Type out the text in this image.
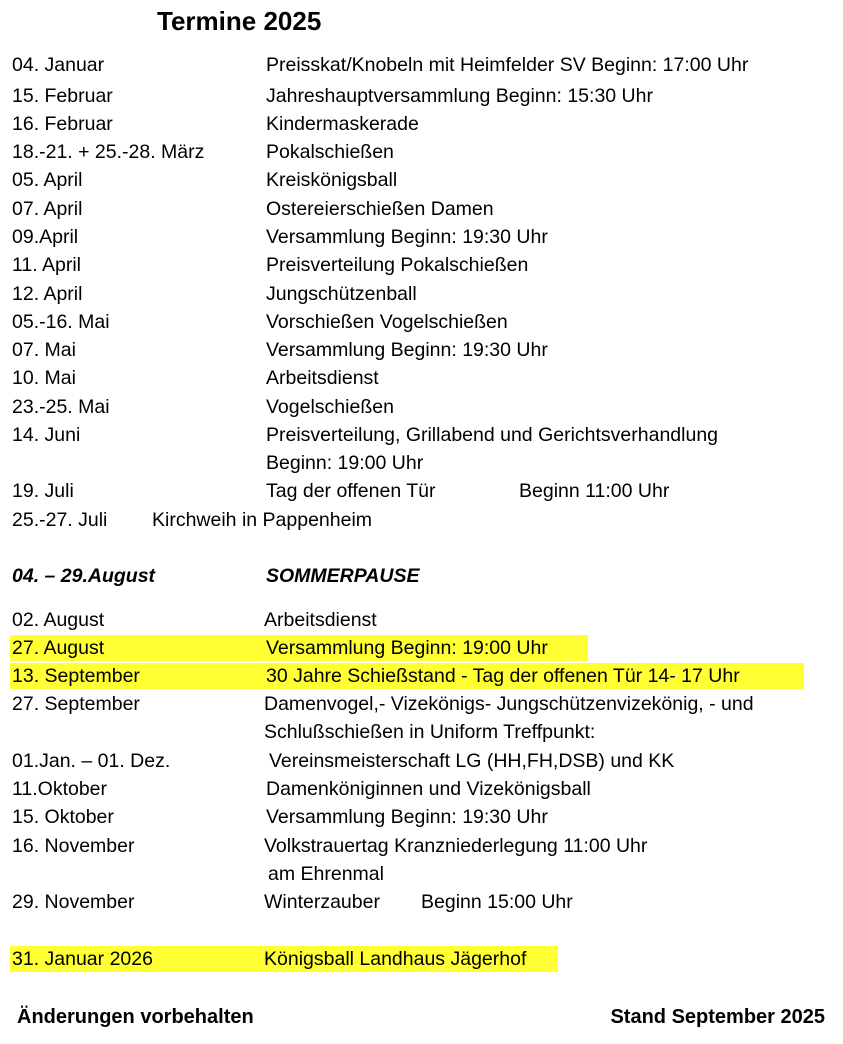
Termine 2025
04. Januar	Preisskat/Knobeln mit Heimfelder SV Beginn: 17:00 Uhr
15. Februar	Jahreshauptversammlung Beginn: 15:30 Uhr
16. Februar	Kindermaskerade
18.-21. + 25.-28. März	Pokalschießen
05. April	Kreiskönigsball
07. April	Ostereierschießen Damen
09.April	Versammlung Beginn: 19:30 Uhr
11. April	Preisverteilung Pokalschießen
12. April	Jungschützenball
05.-16. Mai	Vorschießen Vogelschießen
07. Mai	Versammlung Beginn: 19:30 Uhr
10. Mai	Arbeitsdienst
23.-25. Mai	Vogelschießen
14. Juni	Preisverteilung, Grillabend und Gerichtsverhandlung
Beginn: 19:00 Uhr
19. Juli	Tag der offenen Tür	Beginn 11:00 Uhr
25.-27. Juli Kirchweih in Pappenheim
04. – 29.August	SOMMERPAUSE
02. August	Arbeitsdienst
27. August	Versammlung Beginn: 19:00 Uhr
13. September	30 Jahre Schießstand - Tag der offenen Tür 14- 17 Uhr
27. September	Damenvogel,- Vizekönigs- Jungschützenvizekönig, - und
Schlußschießen in Uniform Treffpunkt:
01.Jan. – 01. Dez.	Vereinsmeisterschaft LG (HH,FH,DSB) und KK
11.Oktober	Damenköniginnen und Vizekönigsball
15. Oktober	Versammlung Beginn: 19:30 Uhr
16. November	Volkstrauertag Kranzniederlegung 11:00 Uhr
am Ehrenmal
29. November	Winterzauber Beginn 15:00 Uhr
31. Januar 2026	Königsball Landhaus Jägerhof
Änderungen vorbehalten	Stand September 2025
